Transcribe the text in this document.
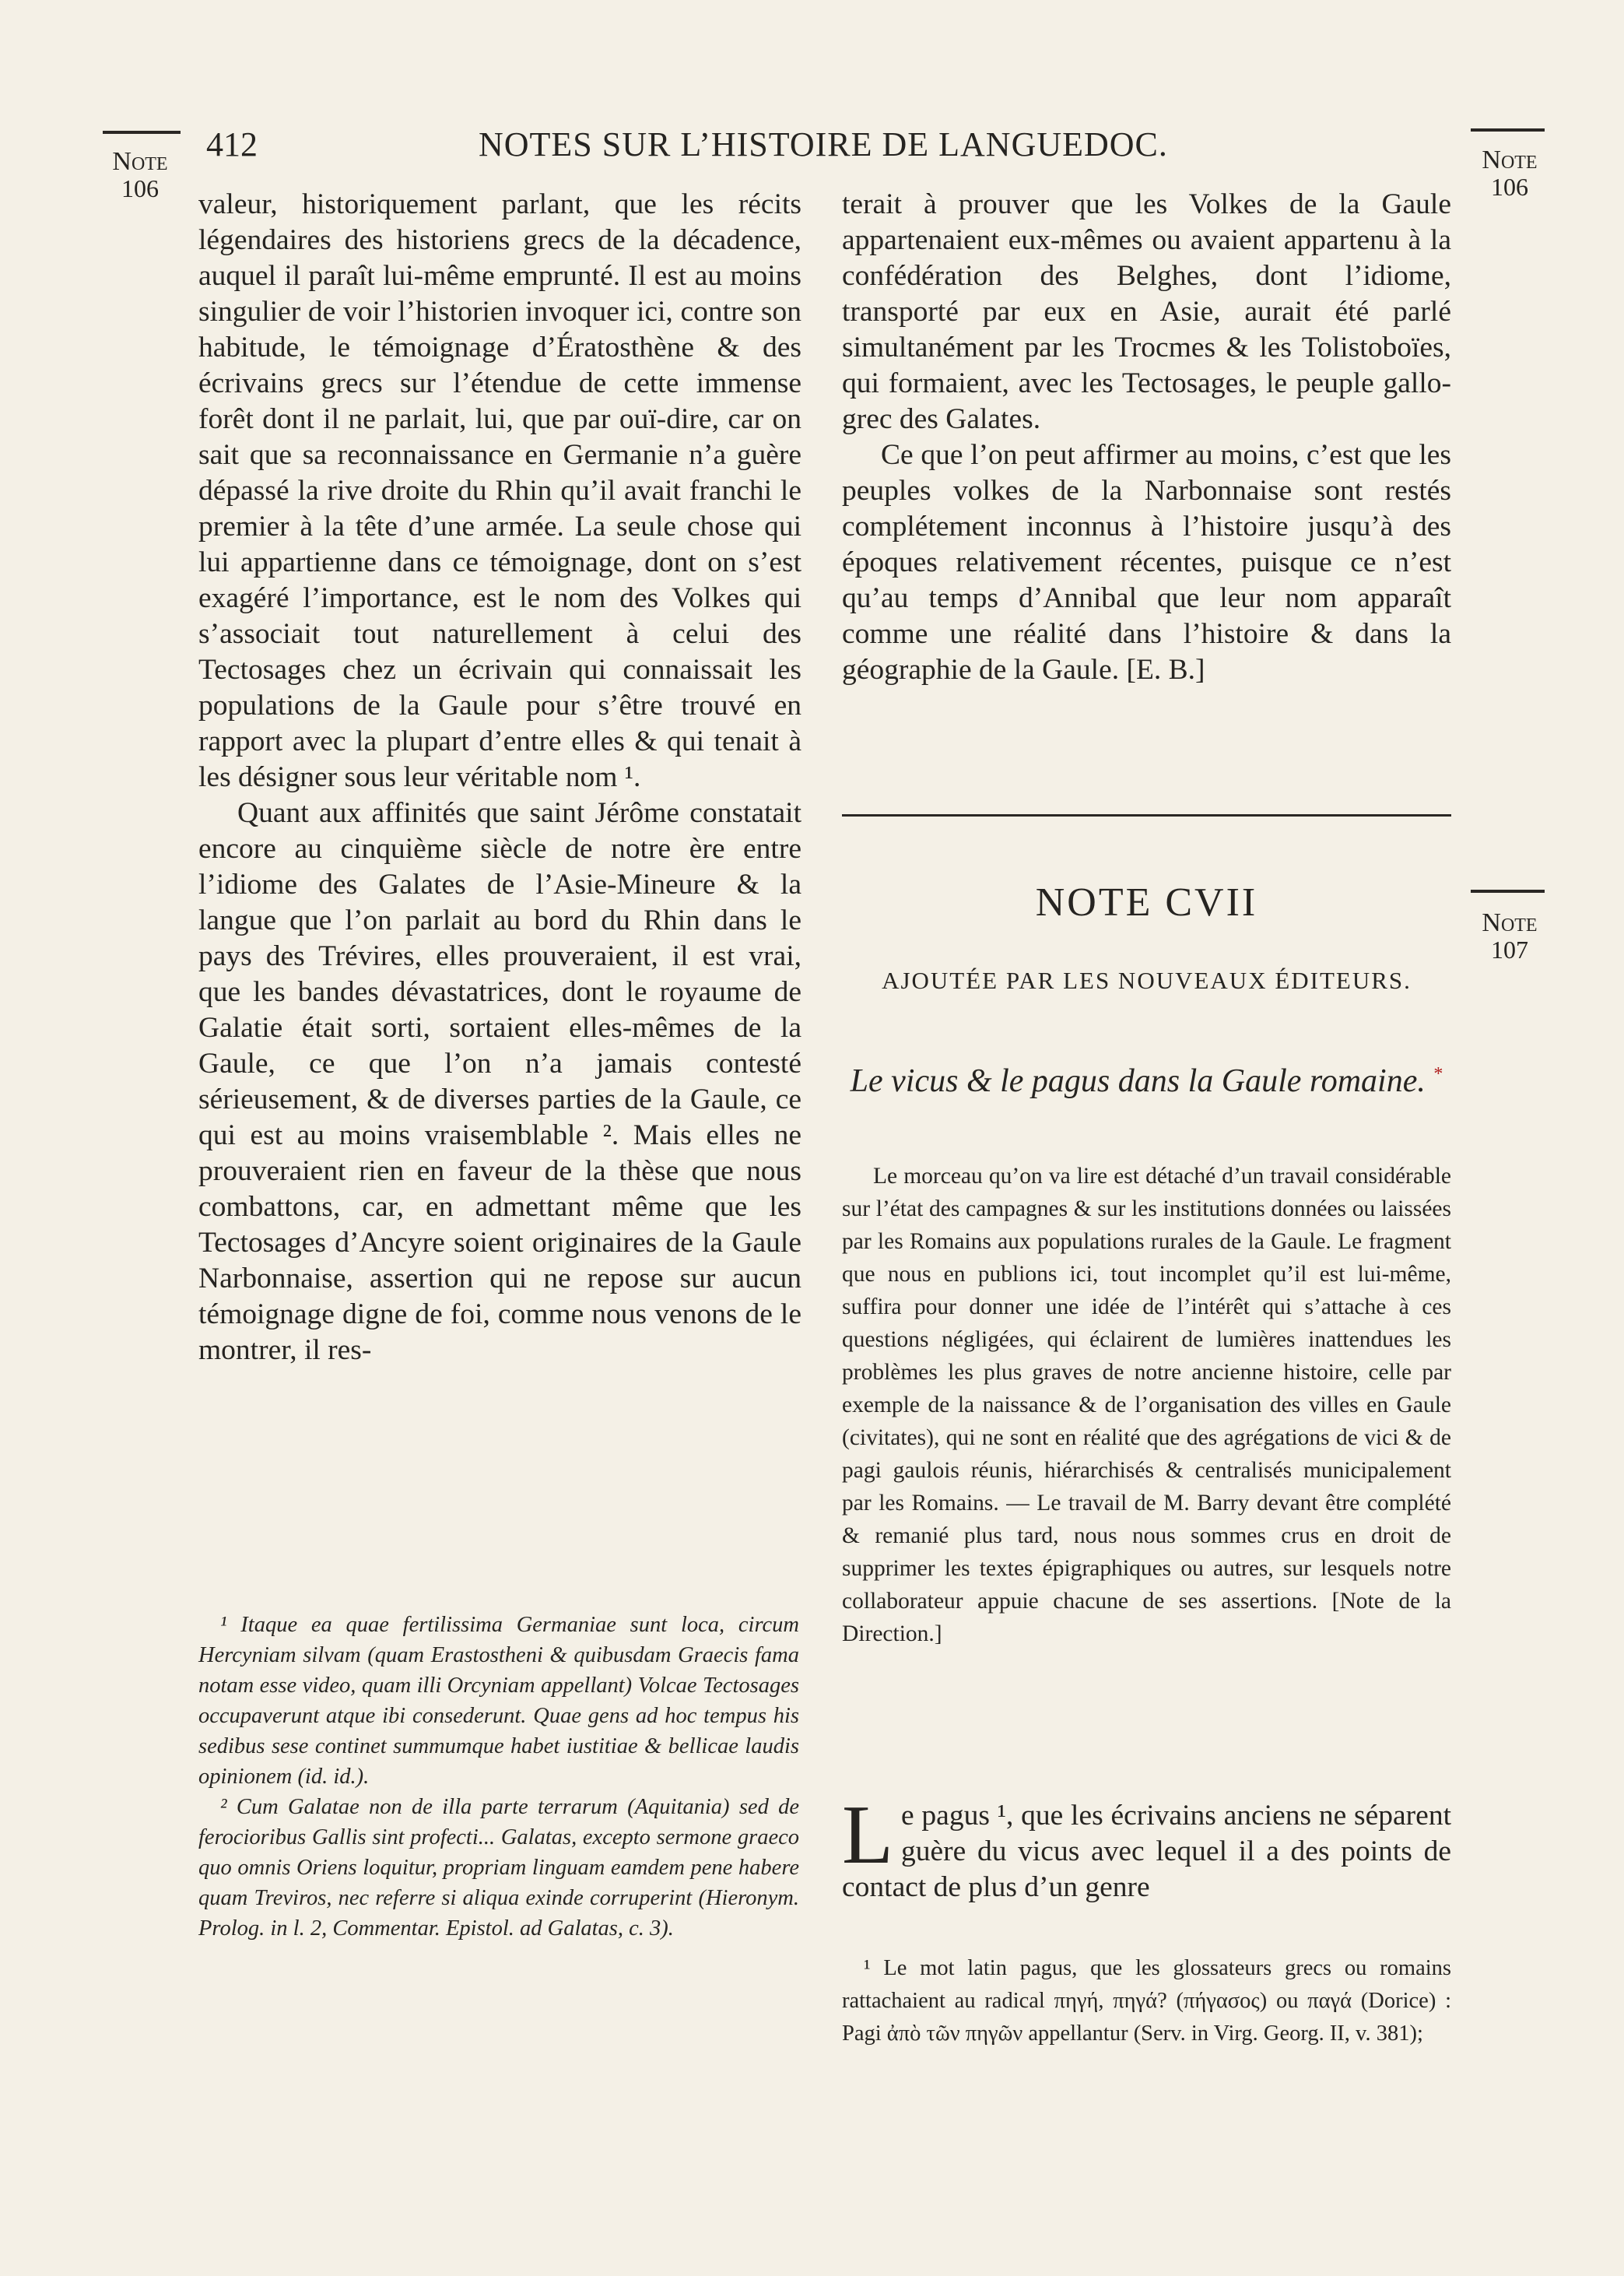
412	NOTES SUR L’HISTOIRE DE LANGUEDOC.
Note
106
Note
106
Note
107

valeur, historiquement parlant, que les récits légendaires des historiens grecs de la décadence, auquel il paraît lui-même emprunté. Il est au moins singulier de voir l’historien invoquer ici, contre son habitude, le témoignage d’Ératosthène & des écrivains grecs sur l’étendue de cette immense forêt dont il ne parlait, lui, que par ouï-dire, car on sait que sa reconnaissance en Germanie n’a guère dépassé la rive droite du Rhin qu’il avait franchi le premier à la tête d’une armée. La seule chose qui lui appartienne dans ce témoignage, dont on s’est exagéré l’importance, est le nom des Volkes qui s’associait tout naturellement à celui des Tectosages chez un écrivain qui connaissait les populations de la Gaule pour s’être trouvé en rapport avec la plupart d’entre elles & qui tenait à les désigner sous leur véritable nom ¹.

Quant aux affinités que saint Jérôme constatait encore au cinquième siècle de notre ère entre l’idiome des Galates de l’Asie-Mineure & la langue que l’on parlait au bord du Rhin dans le pays des Trévires, elles prouveraient, il est vrai, que les bandes dévastatrices, dont le royaume de Galatie était sorti, sortaient elles-mêmes de la Gaule, ce que l’on n’a jamais contesté sérieusement, & de diverses parties de la Gaule, ce qui est au moins vraisemblable ². Mais elles ne prouveraient rien en faveur de la thèse que nous combattons, car, en admettant même que les Tectosages d’Ancyre soient originaires de la Gaule Narbonnaise, assertion qui ne repose sur aucun témoignage digne de foi, comme nous venons de le montrer, il res-

¹ Itaque ea quae fertilissima Germaniae sunt loca, circum Hercyniam silvam (quam Erastostheni & quibusdam Graecis fama notam esse video, quam illi Orcyniam appellant) Volcae Tectosages occupaverunt atque ibi consederunt. Quae gens ad hoc tempus his sedibus sese continet summumque habet iustitiae & bellicae laudis opinionem (id. id.).

² Cum Galatae non de illa parte terrarum (Aquitania) sed de ferocioribus Gallis sint profecti... Galatas, excepto sermone graeco quo omnis Oriens loquitur, propriam linguam eamdem pene habere quam Treviros, nec referre si aliqua exinde corruperint (Hieronym. Prolog. in l. 2, Commentar. Epistol. ad Galatas, c. 3).

terait à prouver que les Volkes de la Gaule appartenaient eux-mêmes ou avaient appartenu à la confédération des Belghes, dont l’idiome, transporté par eux en Asie, aurait été parlé simultanément par les Trocmes & les Tolistoboïes, qui formaient, avec les Tectosages, le peuple gallo-grec des Galates.

Ce que l’on peut affirmer au moins, c’est que les peuples volkes de la Narbonnaise sont restés complétement inconnus à l’histoire jusqu’à des époques relativement récentes, puisque ce n’est qu’au temps d’Annibal que leur nom apparaît comme une réalité dans l’histoire & dans la géographie de la Gaule. [E. B.]

NOTE CVII
AJOUTÉE PAR LES NOUVEAUX ÉDITEURS.
Le vicus & le pagus dans la Gaule romaine. *

Le morceau qu’on va lire est détaché d’un travail considérable sur l’état des campagnes & sur les institutions données ou laissées par les Romains aux populations rurales de la Gaule. Le fragment que nous en publions ici, tout incomplet qu’il est lui-même, suffira pour donner une idée de l’intérêt qui s’attache à ces questions négligées, qui éclairent de lumières inattendues les problèmes les plus graves de notre ancienne histoire, celle par exemple de la naissance & de l’organisation des villes en Gaule (civitates), qui ne sont en réalité que des agrégations de vici & de pagi gaulois réunis, hiérarchisés & centralisés municipalement par les Romains. — Le travail de M. Barry devant être complété & remanié plus tard, nous nous sommes crus en droit de supprimer les textes épigraphiques ou autres, sur lesquels notre collaborateur appuie chacune de ses assertions. [Note de la Direction.]

L e pagus ¹, que les écrivains anciens ne séparent guère du vicus avec lequel il a des points de contact de plus d’un genre

¹ Le mot latin pagus, que les glossateurs grecs ou romains rattachaient au radical πηγή, πηγά? (πήγασος) ou παγά (Dorice) : Pagi ἀπὸ τῶν πηγῶν appellantur (Serv. in Virg. Georg. II, v. 381);
